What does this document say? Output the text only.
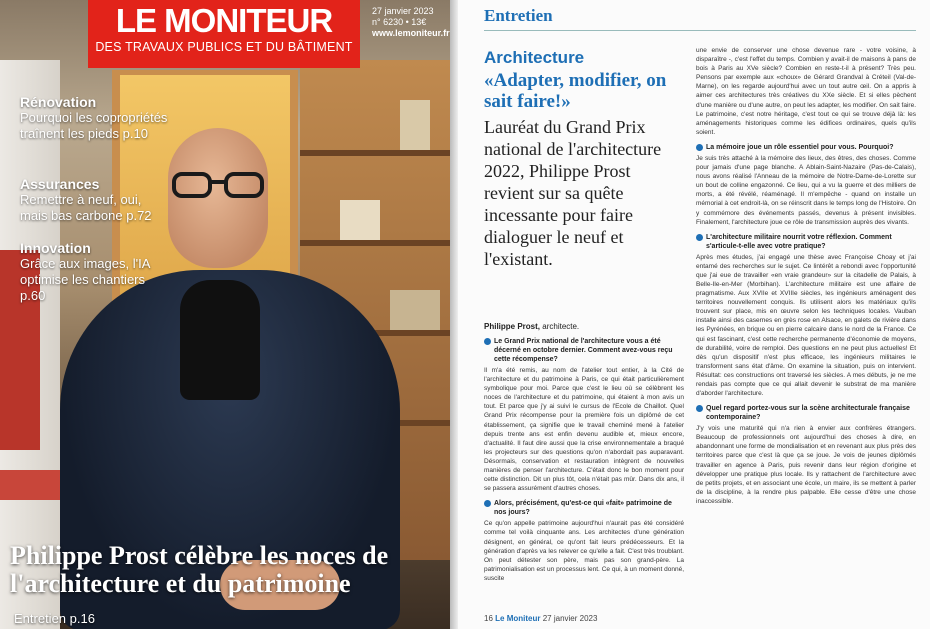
LE MONITEUR
DES TRAVAUX PUBLICS ET DU BÂTIMENT
27 janvier 2023
n° 6230 • 13€
www.lemoniteur.fr
Rénovation
Pourquoi les copropriétés traînent les pieds p.10
Assurances
Remettre à neuf, oui, mais bas carbone p.72
Innovation
Grâce aux images, l'IA optimise les chantiers p.60
Philippe Prost célèbre les noces de l'architecture et du patrimoine
Entretien p.16
Entretien
Architecture
«Adapter, modifier, on sait faire!»
Lauréat du Grand Prix national de l'architecture 2022, Philippe Prost revient sur sa quête incessante pour faire dialoguer le neuf et l'existant.
Philippe Prost, architecte.
Le Grand Prix national de l'architecture vous a été décerné en octobre dernier. Comment avez-vous reçu cette récompense?
Il m'a été remis, au nom de l'atelier tout entier, à la Cité de l'architecture et du patrimoine à Paris, ce qui était particulièrement symbolique pour moi. Parce que c'est le lieu où se célèbrent les noces de l'architecture et du patrimoine, qui étaient à mon avis un tout. Et parce que j'y ai suivi le cursus de l'Ecole de Chaillot. Quel Grand Prix récompense pour la première fois un diplômé de cet établissement, ça signifie que le travail cheminé mené à l'atelier depuis trente ans est enfin devenu audible et, mieux encore, d'actualité. Il faut dire aussi que la crise environnementale a braqué les projecteurs sur des questions qu'on n'abordait pas auparavant. Désormais, conservation et restauration intègrent de nouvelles manières de penser l'architecture. C'était donc le bon moment pour cette distinction. Dit un plus tôt, cela n'était pas mûr. Dans dix ans, il se passera assurément d'autres choses.
Alors, précisément, qu'est-ce qui «fait» patrimoine de nos jours?
Ce qu'on appelle patrimoine aujourd'hui n'aurait pas été considéré comme tel voilà cinquante ans. Les architectes d'une génération désignent, en général, ce qu'ont fait leurs prédécesseurs. Et la génération d'après va les relever ce qu'elle a fait. C'est très troublant. On peut détester son père, mais pas son grand-père. La patrimonialisation est un processus lent. Ce qui, à un moment donné, suscite
une envie de conserver une chose devenue rare - votre voisine, à disparaître -, c'est l'effet du temps. Combien y avait-il de maisons à pans de bois à Paris au XVe siècle? Combien en reste-t-il à présent? Très peu. Pensons par exemple aux «choux» de Gérard Grandval à Créteil (Val-de-Marne), on les regarde aujourd'hui avec un tout autre œil. On a appris à aimer ces architectures très créatives du XXe siècle. Et si elles pèchent d'une manière ou d'une autre, on peut les adapter, les modifier. On sait faire. Le patrimoine, c'est notre héritage, c'est tout ce qui se trouve déjà là: les aménagements historiques comme les édifices ordinaires, quels qu'ils soient.
La mémoire joue un rôle essentiel pour vous. Pourquoi?
Je suis très attaché à la mémoire des lieux, des êtres, des choses. Comme pour jamais d'une page blanche. A Ablain-Saint-Nazaire (Pas-de-Calais), nous avons réalisé l'Anneau de la mémoire de Notre-Dame-de-Lorette sur un bout de colline engazonné. Ce lieu, qui a vu la guerre et des milliers de morts, a été révélé, réaménagé. Il m'empêche - quand on installe un mémorial à cet endroit-là, on se réinscrit dans le temps long de l'Histoire. On y commémore des événements passés, devenus à présent invisibles. Finalement, l'architecture joue ce rôle de transmission auprès des vivants.
L'architecture militaire nourrit votre réflexion. Comment s'articule-t-elle avec votre pratique?
Après mes études, j'ai engagé une thèse avec Françoise Choay et j'ai entamé des recherches sur le sujet. Ce lintérêt a rebondi avec l'opportunité que j'ai eue de travailler «en vraie grandeur» sur la citadelle de Palais, à Belle-Ile-en-Mer (Morbihan). L'architecture militaire est une affaire de pragmatisme. Aux XVIIe et XVIIIe siècles, les ingénieurs aménagent des territoires nouvellement conquis. Ils utilisent alors les matériaux qu'ils trouvent sur place, mis en œuvre selon les techniques locales. Vauban installe ainsi des casernes en grès rose en Alsace, en galets de rivière dans les Pyrénées, en brique ou en pierre calcaire dans le nord de la France. Ce qui est fascinant, c'est cette recherche permanente d'économie de moyens, de durabilité, voire de remploi. Des questions en ne peut plus actuelles! Et dès qu'un dispositif n'est plus efficace, les ingénieurs militaires le transforment sans état d'âme. On examine la situation, puis on intervient. Résultat: ces constructions ont traversé les siècles. A mes débuts, je ne me rendais pas compte que ce qui allait devenir le substrat de ma manière d'aborder l'architecture.
Quel regard portez-vous sur la scène architecturale française contemporaine?
J'y vois une maturité qui n'a rien à envier aux confrères étrangers. Beaucoup de professionnels ont aujourd'hui des choses à dire, en abandonnant une forme de mondialisation et en revenant aux plus près des territoires parce que c'est là que ça se joue. Je vois de jeunes diplômés travailler en agence à Paris, puis revenir dans leur région d'origine et développer une pratique plus locale. Ils y rattachent de l'architecture avec de petits projets, et en associant une école, un maire, ils se mettent à parler de la discipline, à la rendre plus palpable. Elle cesse d'être une chose inaccessible.
16 Le Moniteur 27 janvier 2023
